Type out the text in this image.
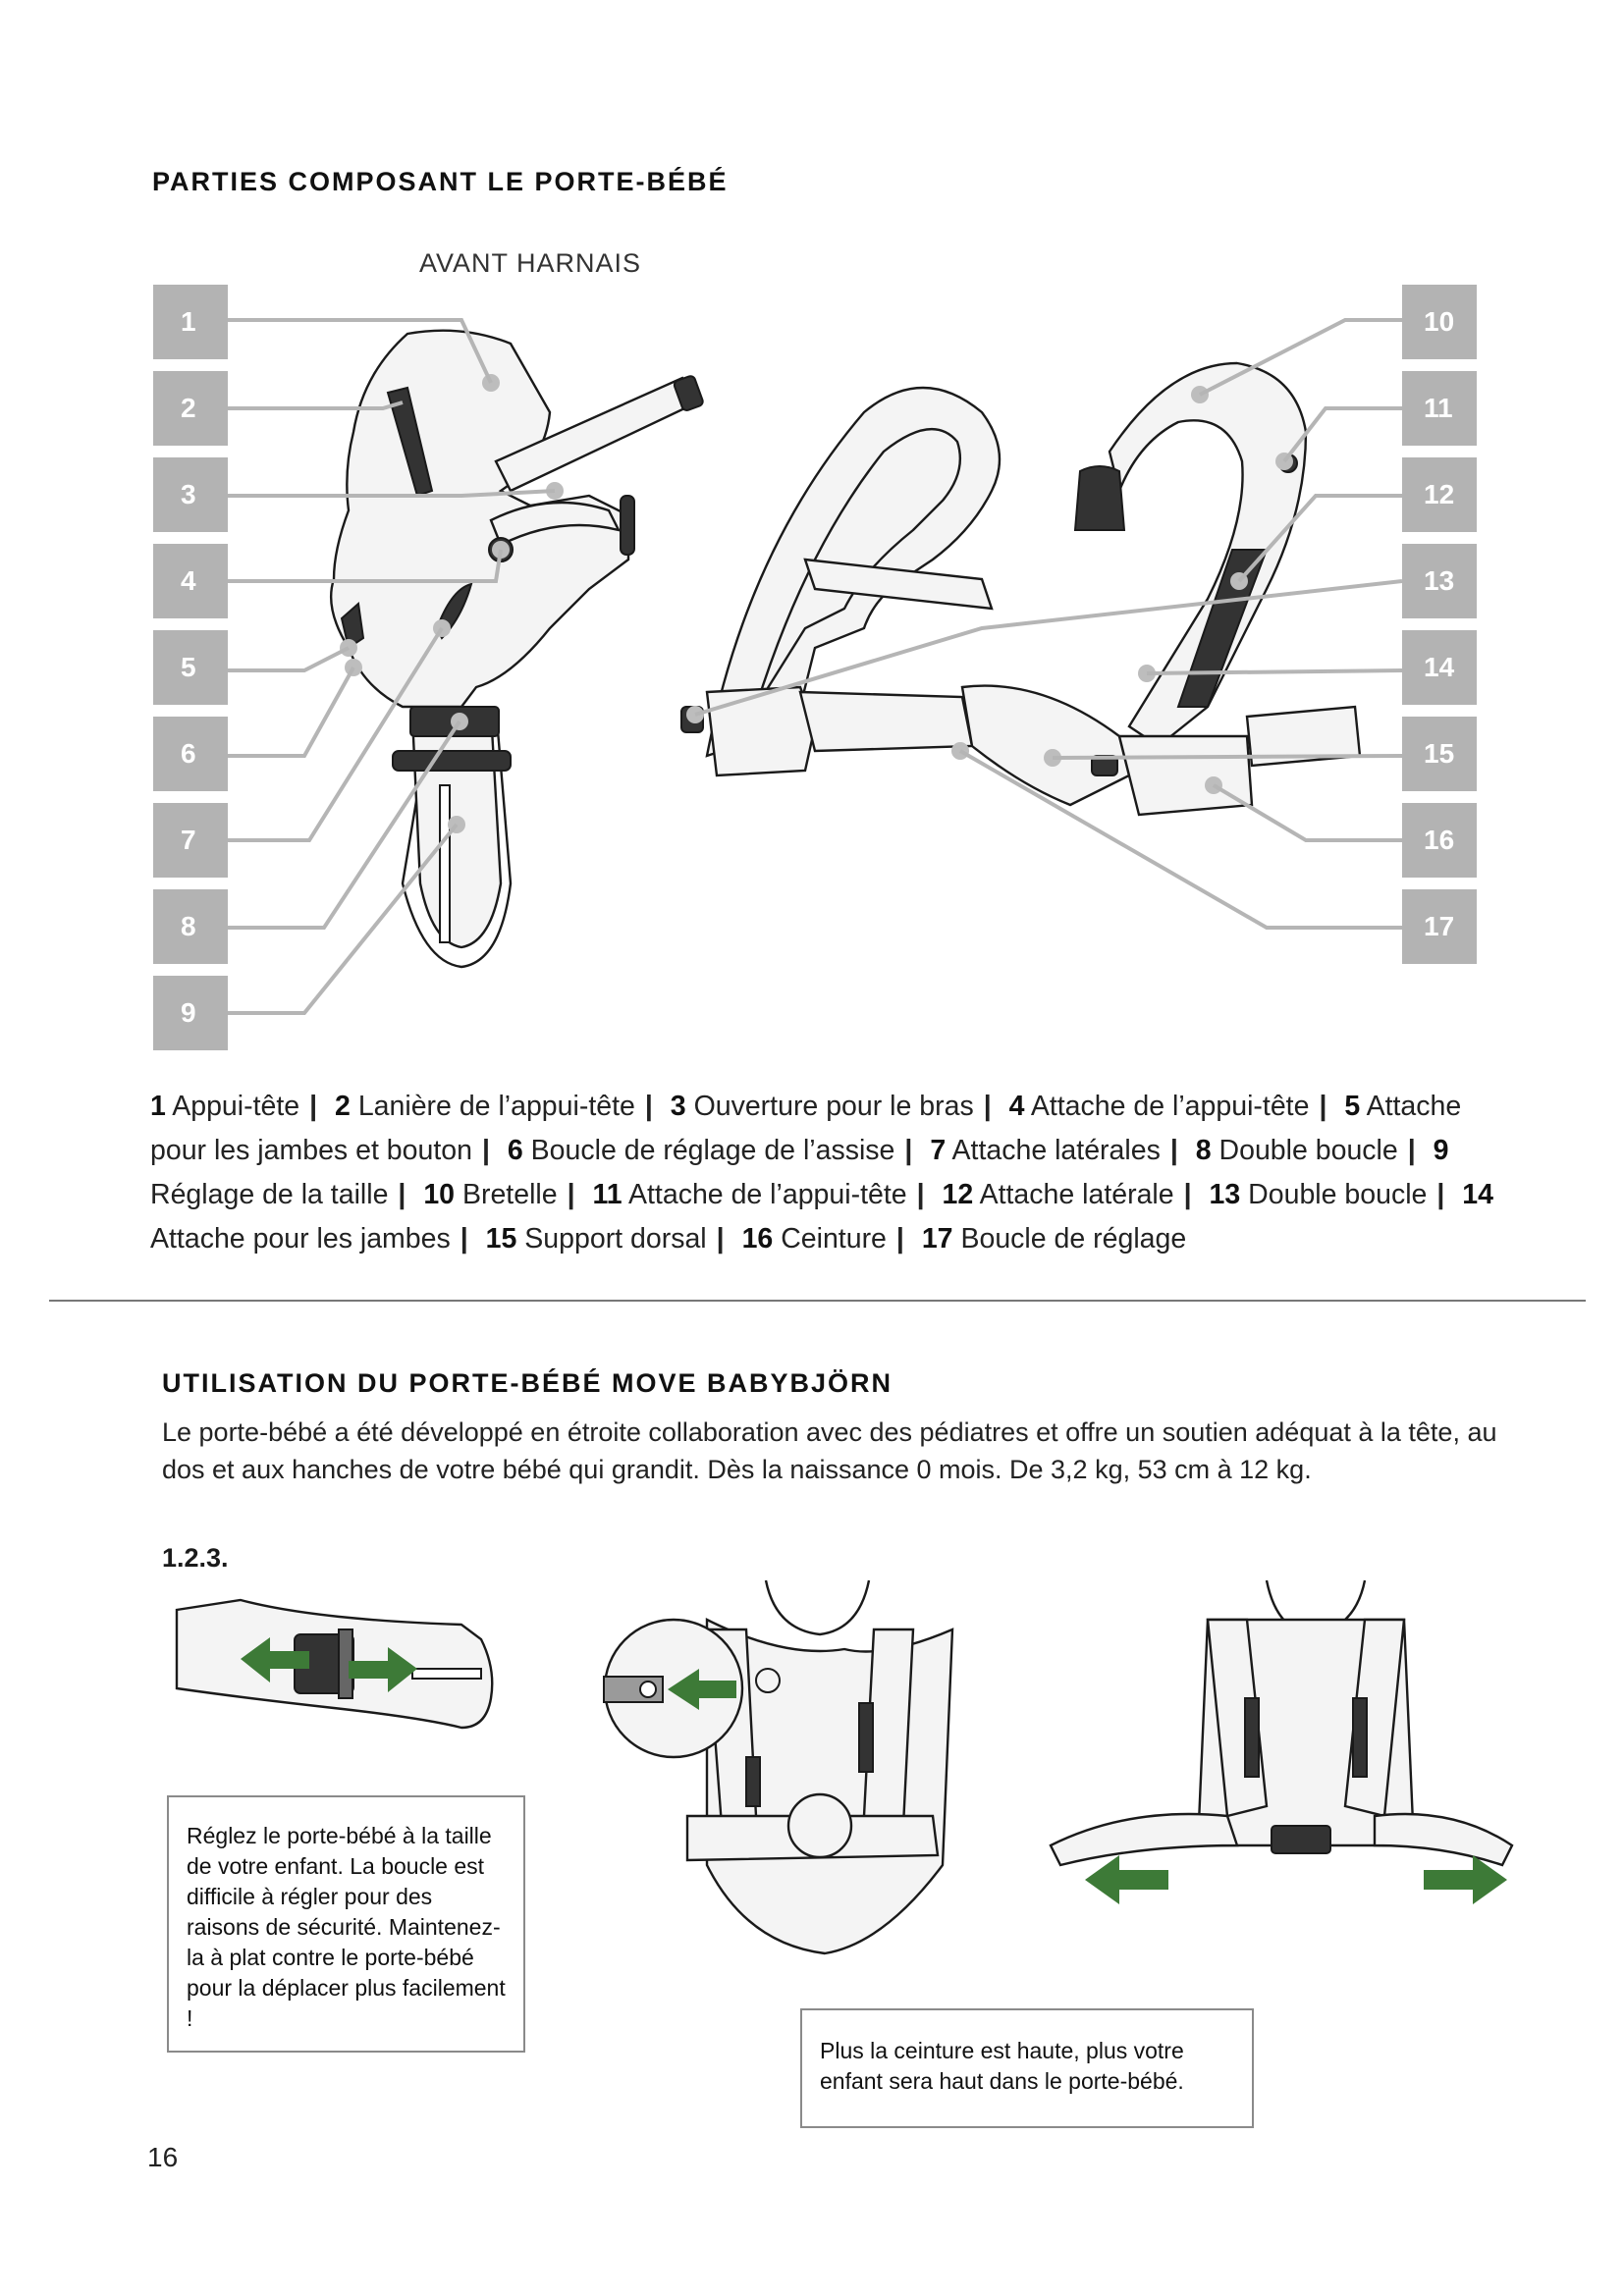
PARTIES COMPOSANT LE PORTE-BÉBÉ
AVANT HARNAIS
1
2
3
4
5
6
7
8
9
10
11
12
13
14
15
16
17
1 Appui-tête | 2 Lanière de l’appui-tête | 3 Ouverture pour le bras | 4 Attache de l’appui-tête | 5 Attache pour les jambes et bouton | 6 Boucle de réglage de l’assise | 7 Attache latérales | 8 Double boucle | 9 Réglage de la taille | 10 Bretelle | 11 Attache de l’appui-tête | 12 Attache latérale | 13 Double boucle | 14 Attache pour les jambes | 15 Support dorsal | 16 Ceinture | 17 Boucle de réglage
UTILISATION DU PORTE-BÉBÉ MOVE BABYBJÖRN
Le porte-bébé a été développé en étroite collaboration avec des pédiatres et offre un soutien adéquat à la tête, au dos et aux hanches de votre bébé qui grandit. Dès la naissance 0 mois. De 3,2 kg, 53 cm à 12 kg.
1.2.3.
Réglez le porte-bébé à la taille de votre enfant. La boucle est difficile à régler pour des raisons de sécurité. Maintenez-la à plat contre le porte-bébé pour la déplacer plus facilement !
Plus la ceinture est haute, plus votre enfant sera haut dans le porte-bébé.
16
